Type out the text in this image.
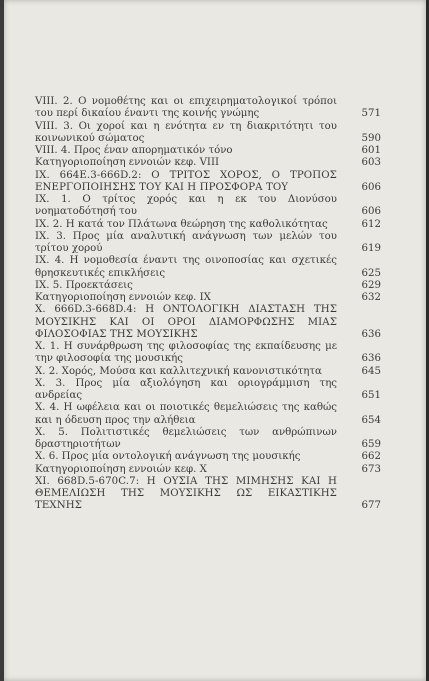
VIII. 2. Ο νομοθέτης και οι επιχειρηματολογικοί τρόποι του περί δικαίου έναντι της κοινής γνώμης	571
VIII. 3. Οι χοροί και η ενότητα εν τη διακριτότητι του κοινωνικού σώματος	590
VIII. 4. Προς έναν απορηματικόν τόνο	601
Κατηγοριοποίηση εννοιών κεφ. VIII	603
IX. 664E.3-666D.2: Ο ΤΡΙΤΟΣ ΧΟΡΟΣ, Ο ΤΡΟΠΟΣ ΕΝΕΡΓΟΠΟΙΗΣΗΣ ΤΟΥ ΚΑΙ Η ΠΡΟΣΦΟΡΑ ΤΟΥ	606
IX. 1. Ο τρίτος χορός και η εκ του Διονύσου νοηματοδότησή του	606
IX. 2. Η κατά τον Πλάτωνα θεώρηση της καθολικότητας	612
IX. 3. Προς μία αναλυτική ανάγνωση των μελών του τρίτου χορού	619
IX. 4. Η νομοθεσία έναντι της οινοποσίας και σχετικές θρησκευτικές επικλήσεις	625
IX. 5. Προεκτάσεις	629
Κατηγοριοποίηση εννοιών κεφ. IX	632
X. 666D.3-668D.4: Η ΟΝΤΟΛΟΓΙΚΗ ΔΙΑΣΤΑΣΗ ΤΗΣ ΜΟΥΣΙΚΗΣ ΚΑΙ ΟΙ ΟΡΟΙ ΔΙΑΜΟΡΦΩΣΗΣ ΜΙΑΣ ΦΙΛΟΣΟΦΙΑΣ ΤΗΣ ΜΟΥΣΙΚΗΣ	636
X. 1. Η συνάρθρωση της φιλοσοφίας της εκπαίδευσης με την φιλοσοφία της μουσικής	636
X. 2. Χορός, Μούσα και καλλιτεχνική κανονιστικότητα	645
X. 3. Προς μία αξιολόγηση και οριογράμμιση της ανδρείας	651
X. 4. Η ωφέλεια και οι ποιοτικές θεμελιώσεις της καθώς και η όδευση προς την αλήθεια	654
X. 5. Πολιτιστικές θεμελιώσεις των ανθρώπινων δραστηριοτήτων	659
X. 6. Προς μία οντολογική ανάγνωση της μουσικής	662
Κατηγοριοποίηση εννοιών κεφ. X	673
XI. 668D.5-670C.7: Η ΟΥΣΙΑ ΤΗΣ ΜΙΜΗΣΗΣ ΚΑΙ Η ΘΕΜΕΛΙΩΣΗ ΤΗΣ ΜΟΥΣΙΚΗΣ ΩΣ ΕΙΚΑΣΤΙΚΗΣ ΤΕΧΝΗΣ	677
